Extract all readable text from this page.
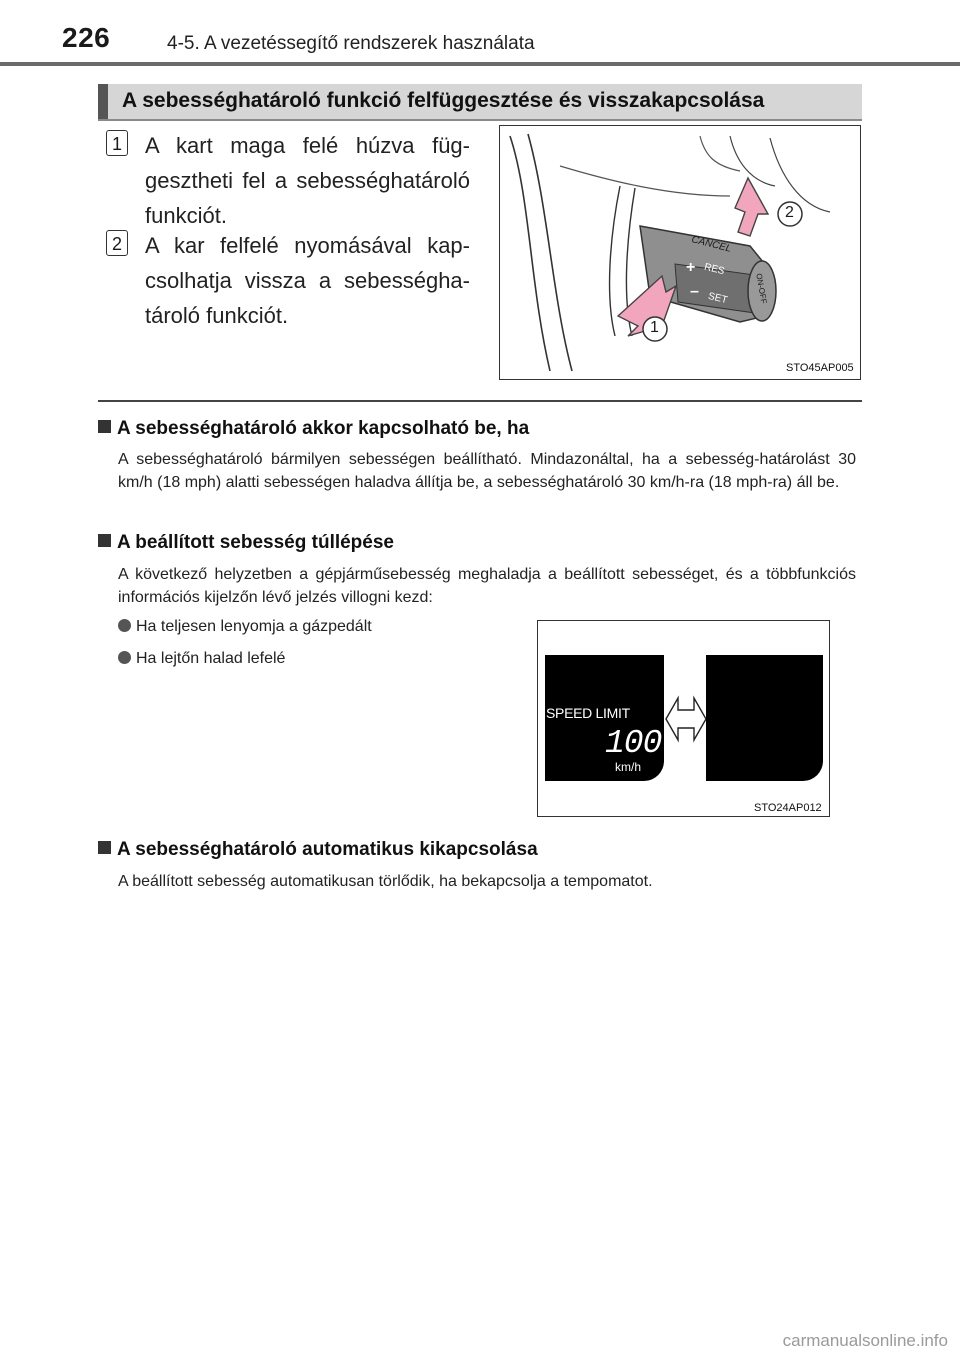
226	4-5. A vezetéssegítő rendszerek használata
A sebességhatároló funkció felfüggesztése és visszakapcsolása
1 A kart maga felé húzva függesztheti fel a sebességhatároló funkciót.
2 A kar felfelé nyomásával kapcsolhatja vissza a sebességhatároló funkciót.
CANCEL
+ RES
– SET	ON-OFF
2
1
STO45AP005
A sebességhatároló akkor kapcsolható be, ha
A sebességhatároló bármilyen sebességen beállítható. Mindazonáltal, ha a sebesség-határolást 30 km/h (18 mph) alatti sebességen haladva állítja be, a sebességhatároló 30 km/h-ra (18 mph-ra) áll be.
A beállított sebesség túllépése
A következő helyzetben a gépjárműsebesség meghaladja a beállított sebességet, és a többfunkciós információs kijelzőn lévő jelzés villogni kezd:
Ha teljesen lenyomja a gázpedált
Ha lejtőn halad lefelé
SPEED LIMIT
100
km/h
STO24AP012
A sebességhatároló automatikus kikapcsolása
A beállított sebesség automatikusan törlődik, ha bekapcsolja a tempomatot.
carmanualsonline.info
